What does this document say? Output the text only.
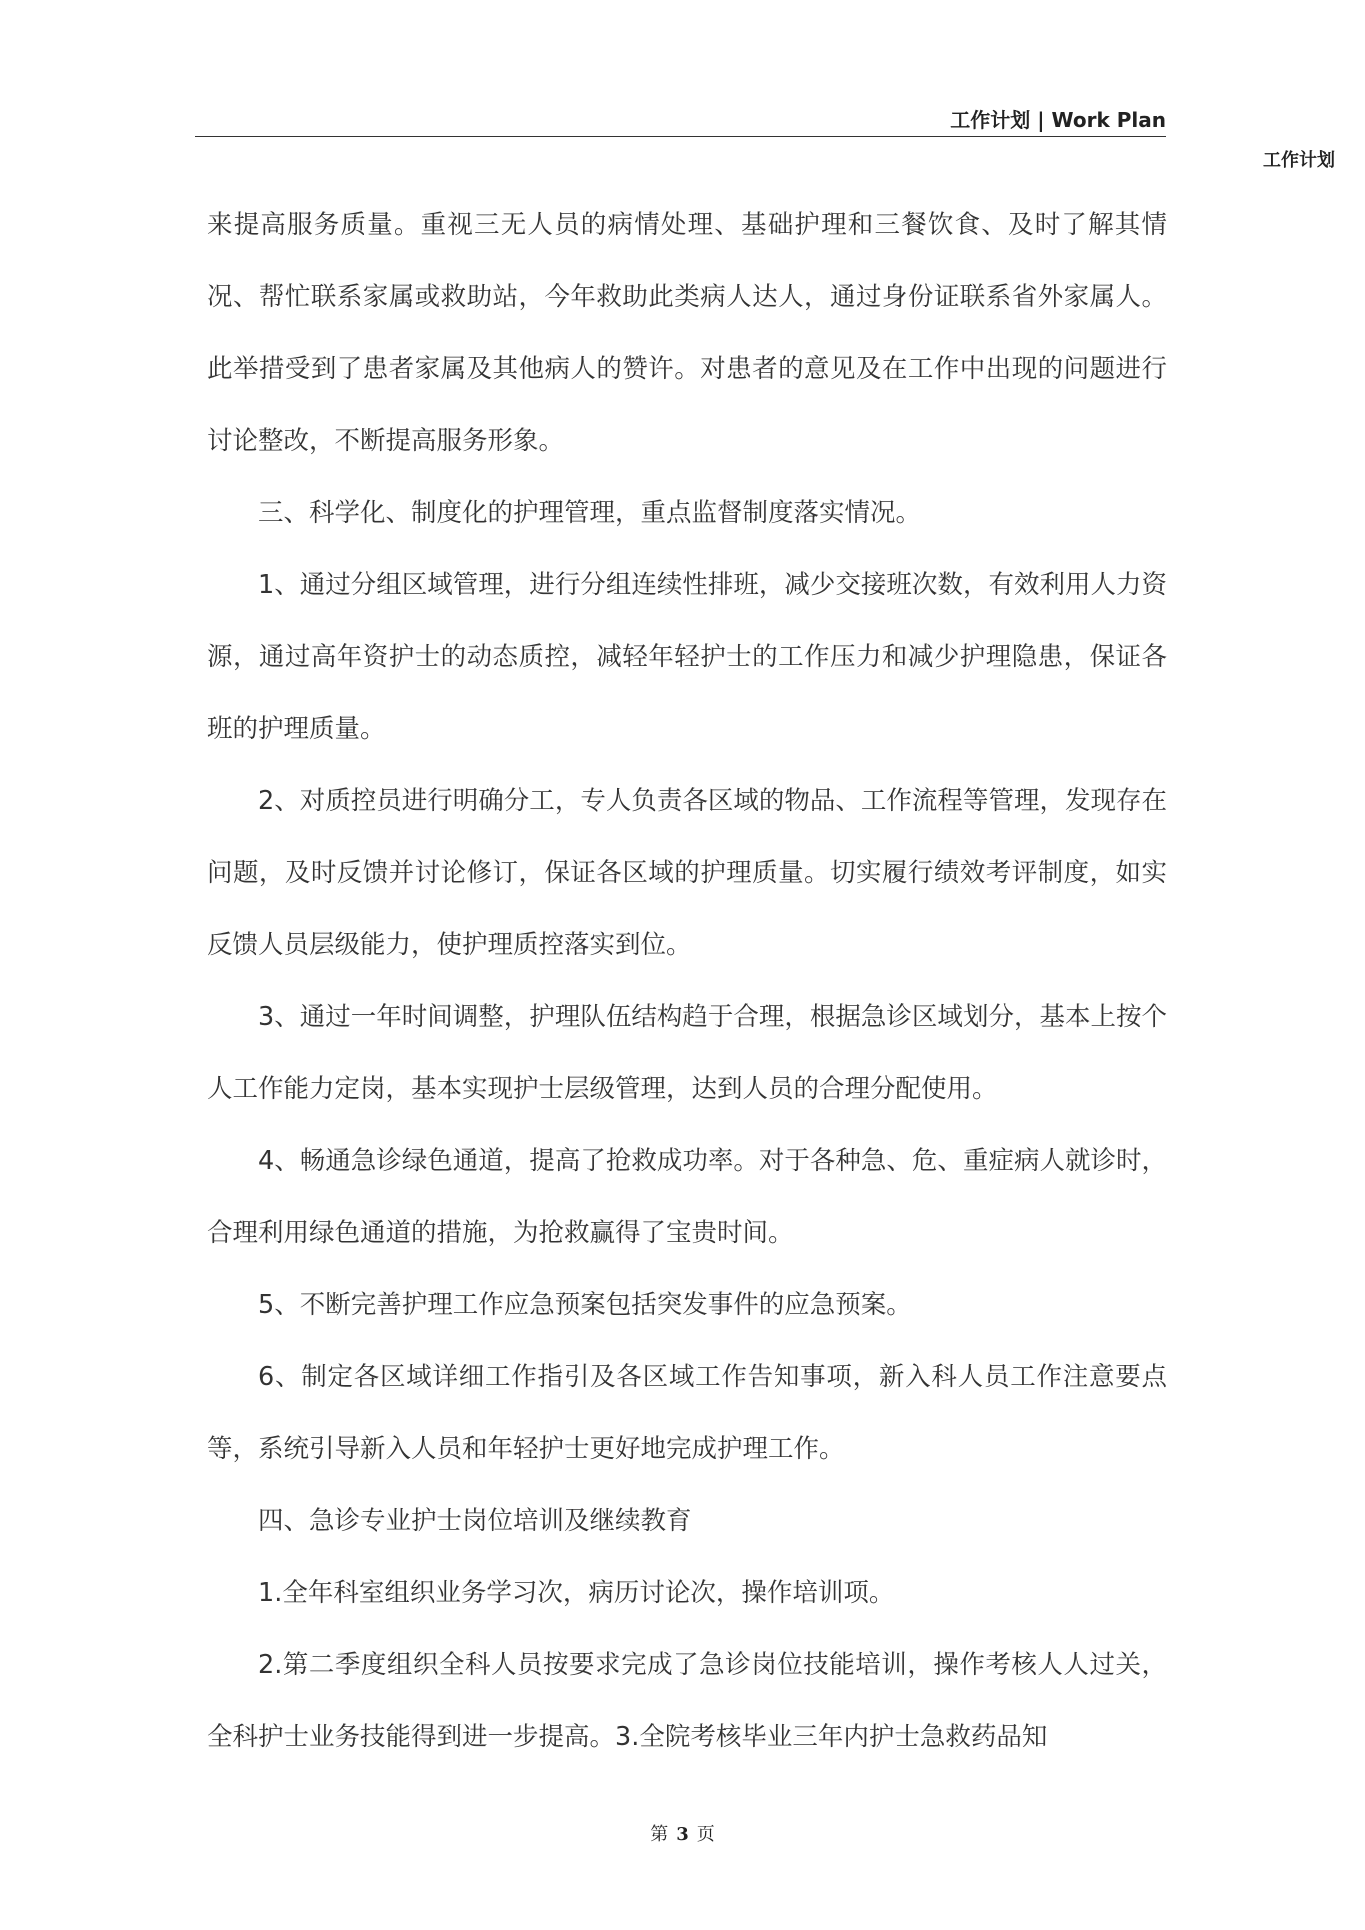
工作计划 | Work Plan
工作计划

来提高服务质量。重视三无人员的病情处理、基础护理和三餐饮食、及时了解其情况、帮忙联系家属或救助站，今年救助此类病人达人，通过身份证联系省外家属人。此举措受到了患者家属及其他病人的赞许。对患者的意见及在工作中出现的问题进行讨论整改，不断提高服务形象。

三、科学化、制度化的护理管理，重点监督制度落实情况。

1、通过分组区域管理，进行分组连续性排班，减少交接班次数，有效利用人力资源，通过高年资护士的动态质控，减轻年轻护士的工作压力和减少护理隐患，保证各班的护理质量。

2、对质控员进行明确分工，专人负责各区域的物品、工作流程等管理，发现存在问题，及时反馈并讨论修订，保证各区域的护理质量。切实履行绩效考评制度，如实反馈人员层级能力，使护理质控落实到位。

3、通过一年时间调整，护理队伍结构趋于合理，根据急诊区域划分，基本上按个人工作能力定岗，基本实现护士层级管理，达到人员的合理分配使用。

4、畅通急诊绿色通道，提高了抢救成功率。对于各种急、危、重症病人就诊时，合理利用绿色通道的措施，为抢救赢得了宝贵时间。

5、不断完善护理工作应急预案包括突发事件的应急预案。

6、制定各区域详细工作指引及各区域工作告知事项，新入科人员工作注意要点等，系统引导新入人员和年轻护士更好地完成护理工作。

四、急诊专业护士岗位培训及继续教育

1.全年科室组织业务学习次，病历讨论次，操作培训项。

2.第二季度组织全科人员按要求完成了急诊岗位技能培训，操作考核人人过关，全科护士业务技能得到进一步提高。3.全院考核毕业三年内护士急救药品知

第 3 页
